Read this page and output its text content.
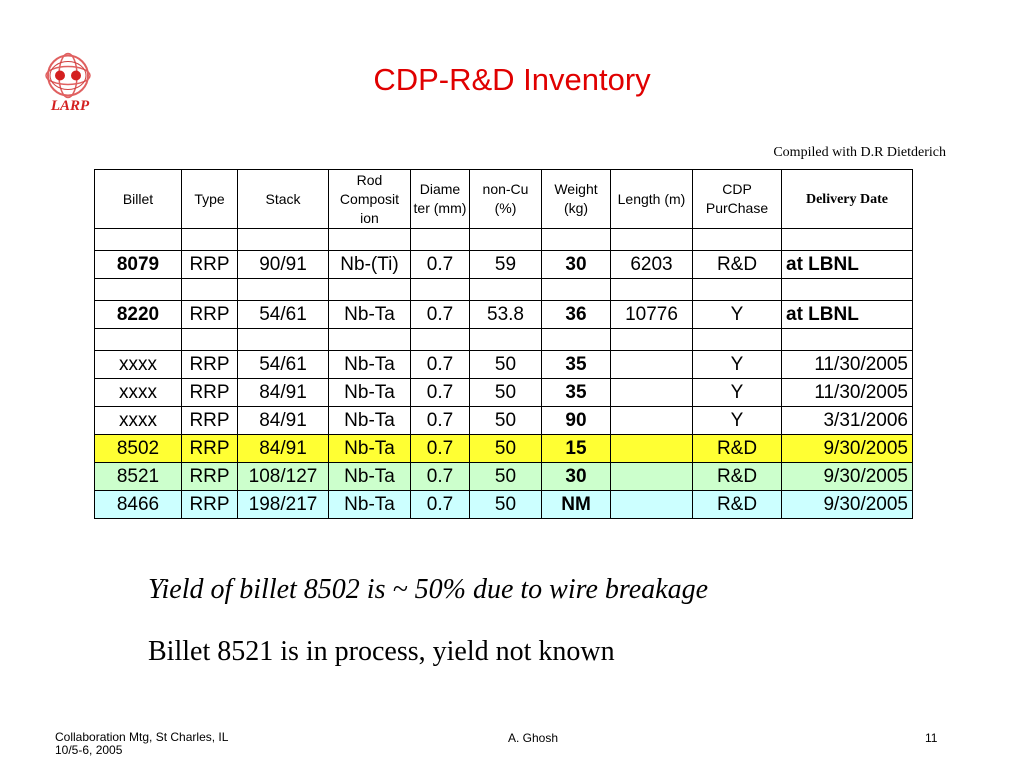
LARP
CDP-R&D Inventory
Compiled with D.R Dietderich
Billet	Type	Stack	Rod Composit ion	Diame ter (mm)	non-Cu (%)	Weight (kg)	Length (m)	CDP PurChase	Delivery Date

8079	RRP	90/91	Nb-(Ti)	0.7	59	30	6203	R&D	at LBNL

8220	RRP	54/61	Nb-Ta	0.7	53.8	36	10776	Y	at LBNL

xxxx	RRP	54/61	Nb-Ta	0.7	50	35		Y	11/30/2005
xxxx	RRP	84/91	Nb-Ta	0.7	50	35		Y	11/30/2005
xxxx	RRP	84/91	Nb-Ta	0.7	50	90		Y	3/31/2006
8502	RRP	84/91	Nb-Ta	0.7	50	15		R&D	9/30/2005
8521	RRP	108/127	Nb-Ta	0.7	50	30		R&D	9/30/2005
8466	RRP	198/217	Nb-Ta	0.7	50	NM		R&D	9/30/2005
Yield of billet 8502 is ~ 50% due to wire breakage
Billet 8521 is in process, yield not known
Collaboration Mtg, St Charles, IL
10/5-6, 2005
A. Ghosh	11
